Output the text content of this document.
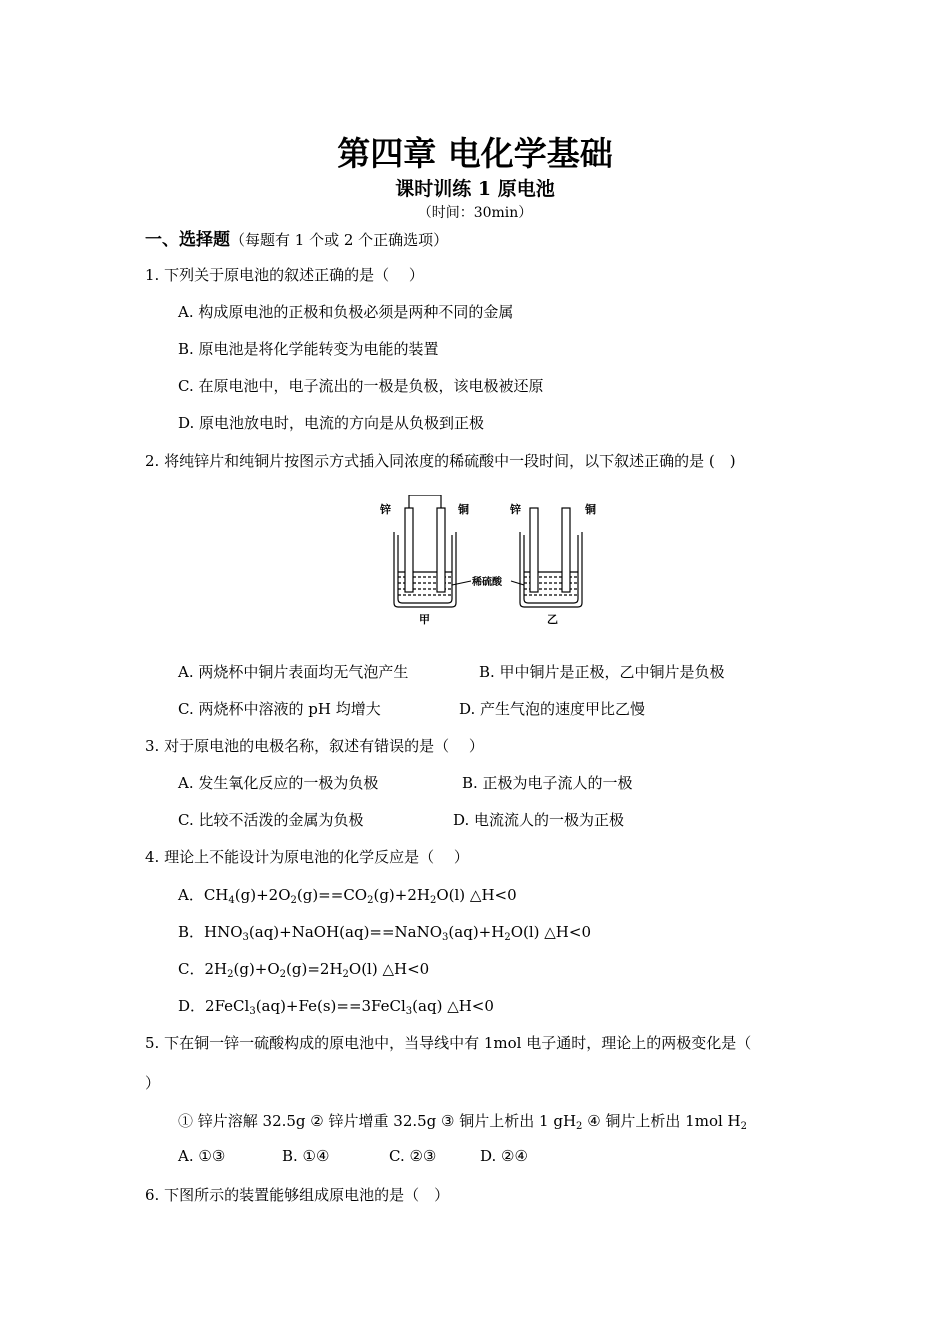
第四章 电化学基础
课时训练 1 原电池
（时间：30min）
一、选择题（每题有 1 个或 2 个正确选项）
1. 下列关于原电池的叙述正确的是（　 ）
A. 构成原电池的正极和负极必须是两种不同的金属
B. 原电池是将化学能转变为电能的装置
C. 在原电池中，电子流出的一极是负极，该电极被还原
D. 原电池放电时，电流的方向是从负极到正极
2. 将纯锌片和纯铜片按图示方式插入同浓度的稀硫酸中一段时间，以下叙述正确的是 (　)
锌	铜	锌	铜
稀硫酸
甲	乙
A. 两烧杯中铜片表面均无气泡产生	B. 甲中铜片是正极，乙中铜片是负极
C. 两烧杯中溶液的 pH 均增大	D. 产生气泡的速度甲比乙慢
3. 对于原电池的电极名称，叙述有错误的是（　 ）
A. 发生氧化反应的一极为负极	B. 正极为电子流人的一极
C. 比较不活泼的金属为负极	D. 电流流人的一极为正极
4. 理论上不能设计为原电池的化学反应是（　 ）
A．$CH_4(g)+2O_2(g)==CO_2(g)+2H_2O(l)$ △H<0
B．$HNO_3(aq)+NaOH(aq)==NaNO_3(aq)+H_2O(l)$ △H<0
C．$2H_2(g)+O_2(g)=2H_2O(l)$ △H<0
D．2FeCl$_3$(aq)+Fe(s)==3FeCl$_3$(aq) △H<0
5. 下在铜一锌一硫酸构成的原电池中，当导线中有 1mol 电子通时，理论上的两极变化是（
）
① 锌片溶解 32.5g ② 锌片增重 32.5g ③ 铜片上析出 1 $gH_2$ ④ 铜片上析出 1mol $H_2$
A. ①③	B. ①④	C. ②③	D. ②④
6. 下图所示的装置能够组成原电池的是（　）
